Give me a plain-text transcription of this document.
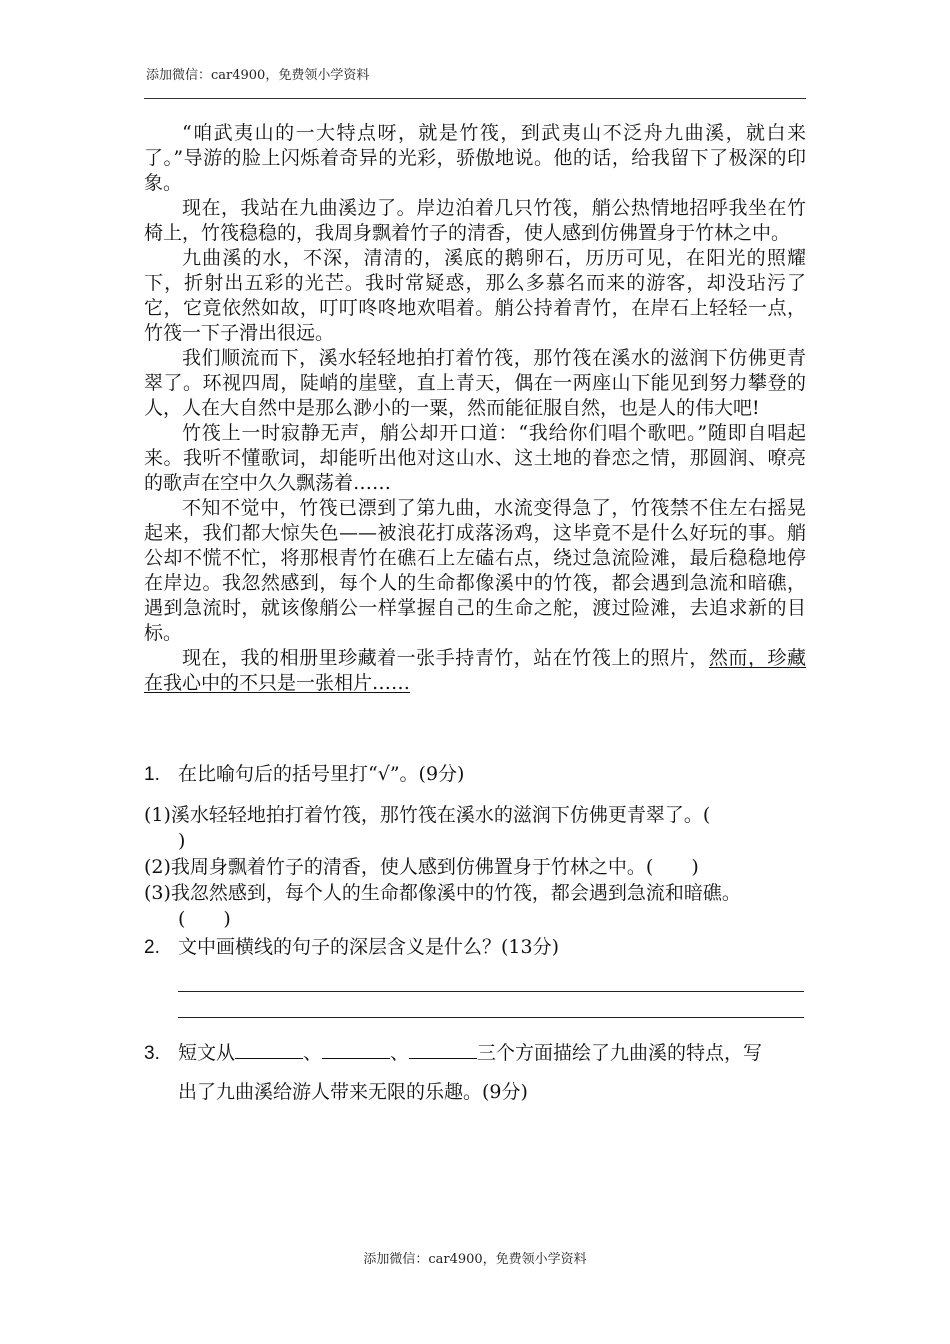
添加微信：car4900，免费领小学资料

“咱武夷山的一大特点呀，就是竹筏，到武夷山不泛舟九曲溪，就白来了。”导游的脸上闪烁着奇异的光彩，骄傲地说。他的话，给我留下了极深的印象。

现在，我站在九曲溪边了。岸边泊着几只竹筏，艄公热情地招呼我坐在竹椅上，竹筏稳稳的，我周身飘着竹子的清香，使人感到仿佛置身于竹林之中。

九曲溪的水，不深，清清的，溪底的鹅卵石，历历可见，在阳光的照耀下，折射出五彩的光芒。我时常疑惑，那么多慕名而来的游客，却没玷污了它，它竟依然如故，叮叮咚咚地欢唱着。艄公持着青竹，在岸石上轻轻一点，竹筏一下子滑出很远。

我们顺流而下，溪水轻轻地拍打着竹筏，那竹筏在溪水的滋润下仿佛更青翠了。环视四周，陡峭的崖壁，直上青天，偶在一两座山下能见到努力攀登的人，人在大自然中是那么渺小的一粟，然而能征服自然，也是人的伟大吧!

竹筏上一时寂静无声，艄公却开口道：“我给你们唱个歌吧。”随即自唱起来。我听不懂歌词，却能听出他对这山水、这土地的眷恋之情，那圆润、嘹亮的歌声在空中久久飘荡着……

不知不觉中，竹筏已漂到了第九曲，水流变得急了，竹筏禁不住左右摇晃起来，我们都大惊失色——被浪花打成落汤鸡，这毕竟不是什么好玩的事。艄公却不慌不忙，将那根青竹在礁石上左磕右点，绕过急流险滩，最后稳稳地停在岸边。我忽然感到，每个人的生命都像溪中的竹筏，都会遇到急流和暗礁，遇到急流时，就该像艄公一样掌握自己的生命之舵，渡过险滩，去追求新的目标。

现在，我的相册里珍藏着一张手持青竹，站在竹筏上的照片，然而，珍藏在我心中的不只是一张相片……

1. 在比喻句后的括号里打“√”。(9分)
(1)溪水轻轻地拍打着竹筏，那竹筏在溪水的滋润下仿佛更青翠了。(
)
(2)我周身飘着竹子的清香，使人感到仿佛置身于竹林之中。(　　)
(3)我忽然感到，每个人的生命都像溪中的竹筏，都会遇到急流和暗礁。
(　　)
2. 文中画横线的句子的深层含义是什么？(13分)
3. 短文从	、	、	三个方面描绘了九曲溪的特点，写
出了九曲溪给游人带来无限的乐趣。(9分)
添加微信：car4900，免费领小学资料
